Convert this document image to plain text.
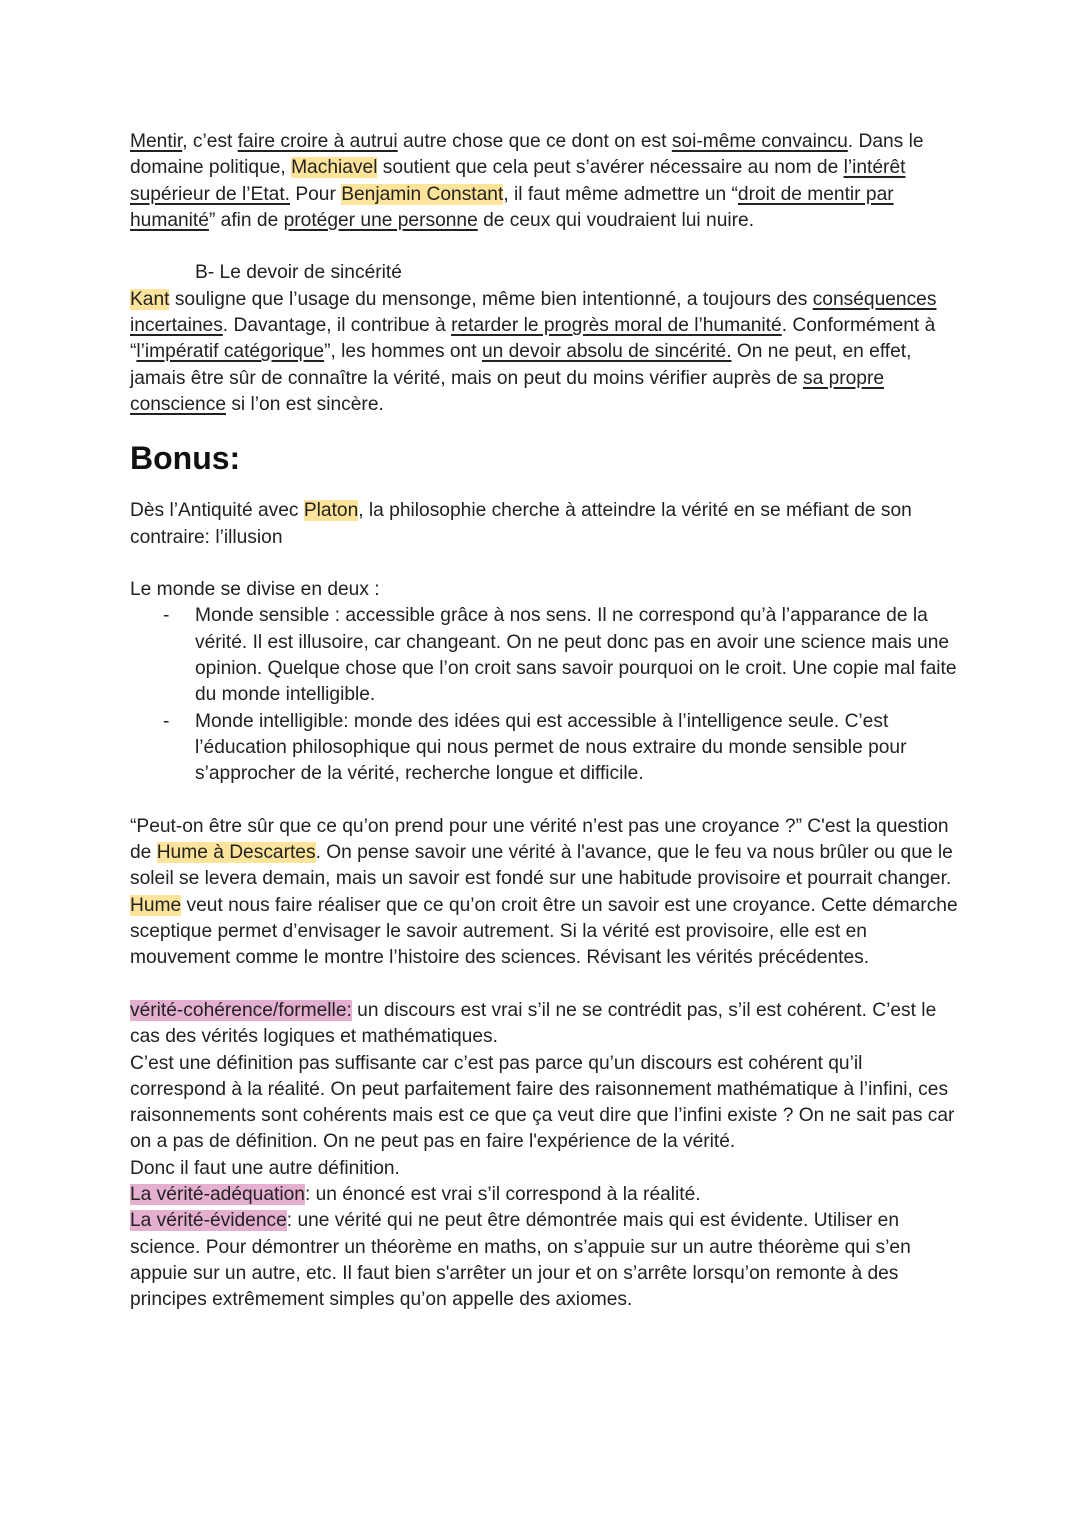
Mentir, c’est faire croire à autrui autre chose que ce dont on est soi-même convaincu. Dans le domaine politique, Machiavel soutient que cela peut s’avérer nécessaire au nom de l’intérêt supérieur de l’Etat. Pour Benjamin Constant, il faut même admettre un “droit de mentir par humanité” afin de protéger une personne de ceux qui voudraient lui nuire.

B- Le devoir de sincérité

Kant souligne que l’usage du mensonge, même bien intentionné, a toujours des conséquences incertaines. Davantage, il contribue à retarder le progrès moral de l’humanité. Conformément à “l’impératif catégorique”, les hommes ont un devoir absolu de sincérité. On ne peut, en effet, jamais être sûr de connaître la vérité, mais on peut du moins vérifier auprès de sa propre conscience si l’on est sincère.

Bonus:

Dès l’Antiquité avec Platon, la philosophie cherche à atteindre la vérité en se méfiant de son contraire: l’illusion

Le monde se divise en deux :

- Monde sensible : accessible grâce à nos sens. Il ne correspond qu’à l’apparance de la vérité. Il est illusoire, car changeant. On ne peut donc pas en avoir une science mais une opinion. Quelque chose que l’on croit sans savoir pourquoi on le croit. Une copie mal faite du monde intelligible.
- Monde intelligible: monde des idées qui est accessible à l’intelligence seule. C’est l’éducation philosophique qui nous permet de nous extraire du monde sensible pour s’approcher de la vérité, recherche longue et difficile.

“Peut-on être sûr que ce qu’on prend pour une vérité n’est pas une croyance ?” C'est la question de Hume à Descartes. On pense savoir une vérité à l'avance, que le feu va nous brûler ou que le soleil se levera demain, mais un savoir est fondé sur une habitude provisoire et pourrait changer.

Hume veut nous faire réaliser que ce qu’on croit être un savoir est une croyance. Cette démarche sceptique permet d’envisager le savoir autrement. Si la vérité est provisoire, elle est en mouvement comme le montre l’histoire des sciences. Révisant les vérités précédentes.

vérité-cohérence/formelle: un discours est vrai s’il ne se contrédit pas, s’il est cohérent. C’est le cas des vérités logiques et mathématiques.

C’est une définition pas suffisante car c’est pas parce qu’un discours est cohérent qu’il correspond à la réalité. On peut parfaitement faire des raisonnement mathématique à l’infini, ces raisonnements sont cohérents mais est ce que ça veut dire que l’infini existe ? On ne sait pas car on a pas de définition. On ne peut pas en faire l'expérience de la vérité.

Donc il faut une autre définition.

La vérité-adéquation: un énoncé est vrai s’il correspond à la réalité.

La vérité-évidence: une vérité qui ne peut être démontrée mais qui est évidente. Utiliser en science. Pour démontrer un théorème en maths, on s’appuie sur un autre théorème qui s’en appuie sur un autre, etc. Il faut bien s'arrêter un jour et on s’arrête lorsqu’on remonte à des principes extrêmement simples qu’on appelle des axiomes.
